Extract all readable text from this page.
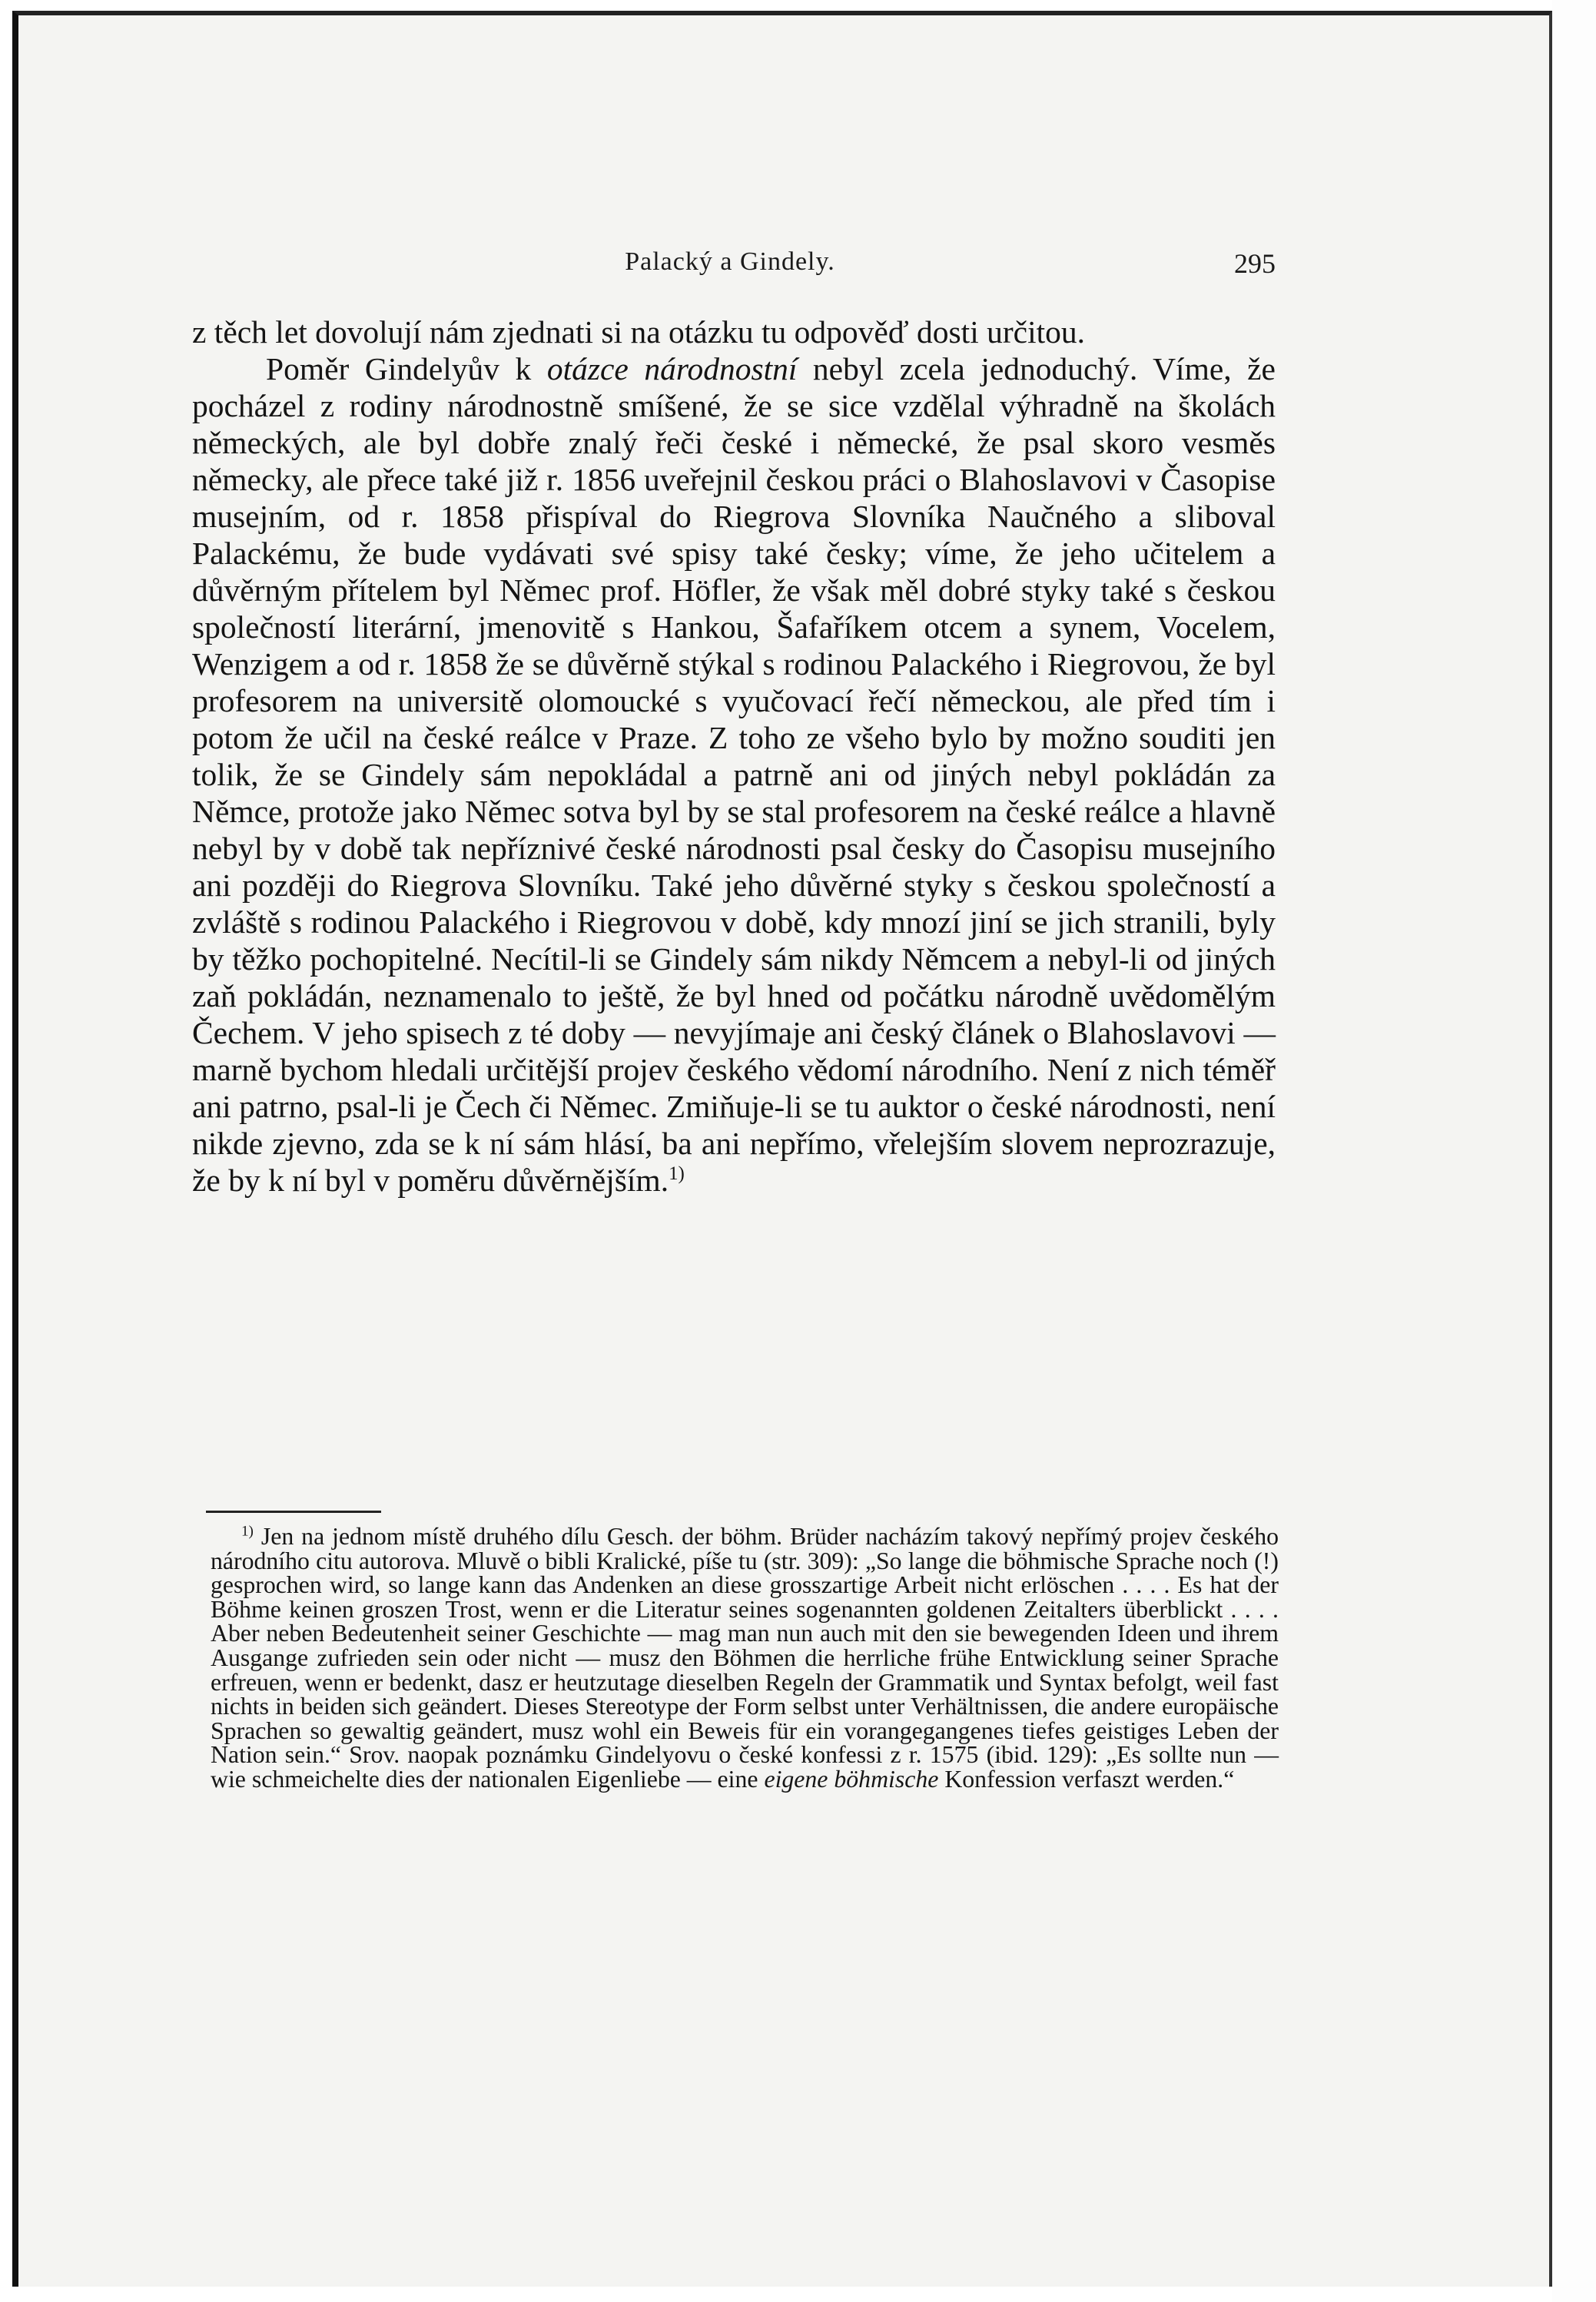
Palacký a Gindely.	295

z těch let dovolují nám zjednati si na otázku tu odpověď dosti určitou.

Poměr Gindelyův k otázce národnostní nebyl zcela jednoduchý. Víme, že pocházel z rodiny národnostně smíšené, že se sice vzdělal výhradně na školách německých, ale byl dobře znalý řeči české i německé, že psal skoro vesměs německy, ale přece také již r. 1856 uveřejnil českou práci o Blahoslavovi v Časopise musejním, od r. 1858 přispíval do Riegrova Slovníka Naučného a sliboval Palackému, že bude vydávati své spisy také česky; víme, že jeho učitelem a důvěrným přítelem byl Němec prof. Höfler, že však měl dobré styky také s českou společností literární, jmenovitě s Hankou, Šafaříkem otcem a synem, Vocelem, Wenzigem a od r. 1858 že se důvěrně stýkal s rodinou Palackého i Riegrovou, že byl profesorem na universitě olomoucké s vyučovací řečí německou, ale před tím i potom že učil na české reálce v Praze. Z toho ze všeho bylo by možno souditi jen tolik, že se Gindely sám nepokládal a patrně ani od jiných nebyl pokládán za Němce, protože jako Němec sotva byl by se stal profesorem na české reálce a hlavně nebyl by v době tak nepříznivé české národnosti psal česky do Časopisu musejního ani později do Riegrova Slovníku. Také jeho důvěrné styky s českou společností a zvláště s rodinou Palackého i Riegrovou v době, kdy mnozí jiní se jich stranili, byly by těžko pochopitelné. Necítil-li se Gindely sám nikdy Němcem a nebyl-li od jiných zaň pokládán, neznamenalo to ještě, že byl hned od počátku národně uvědomělým Čechem. V jeho spisech z té doby — nevyjímaje ani český článek o Blahoslavovi — marně bychom hledali určitější projev českého vědomí národního. Není z nich téměř ani patrno, psal-li je Čech či Němec. Zmiňuje-li se tu auktor o české národnosti, není nikde zjevno, zda se k ní sám hlásí, ba ani nepřímo, vřelejším slovem neprozrazuje, že by k ní byl v poměru důvěrnějším.$^{1)}$

$^{1)}$ Jen na jednom místě druhého dílu Gesch. der böhm. Brüder nacházím takový nepřímý projev českého národního citu autorova. Mluvě o bibli Kralické, píše tu (str. 309): „So lange die böhmische Sprache noch (!) gesprochen wird, so lange kann das Andenken an diese grosszartige Arbeit nicht erlöschen . . . . Es hat der Böhme keinen groszen Trost, wenn er die Literatur seines sogenannten goldenen Zeitalters überblickt . . . . Aber neben Bedeutenheit seiner Geschichte — mag man nun auch mit den sie bewegenden Ideen und ihrem Ausgange zufrieden sein oder nicht — musz den Böhmen die herrliche frühe Entwicklung seiner Sprache erfreuen, wenn er bedenkt, dasz er heutzutage dieselben Regeln der Grammatik und Syntax befolgt, weil fast nichts in beiden sich geändert. Dieses Stereotype der Form selbst unter Verhältnissen, die andere europäische Sprachen so gewaltig geändert, musz wohl ein Beweis für ein vorangegangenes tiefes geistiges Leben der Nation sein.“ Srov. naopak poznámku Gindelyovu o české konfessi z r. 1575 (ibid. 129): „Es sollte nun — wie schmeichelte dies der nationalen Eigenliebe — eine eigene böhmische Konfession verfaszt werden.“
